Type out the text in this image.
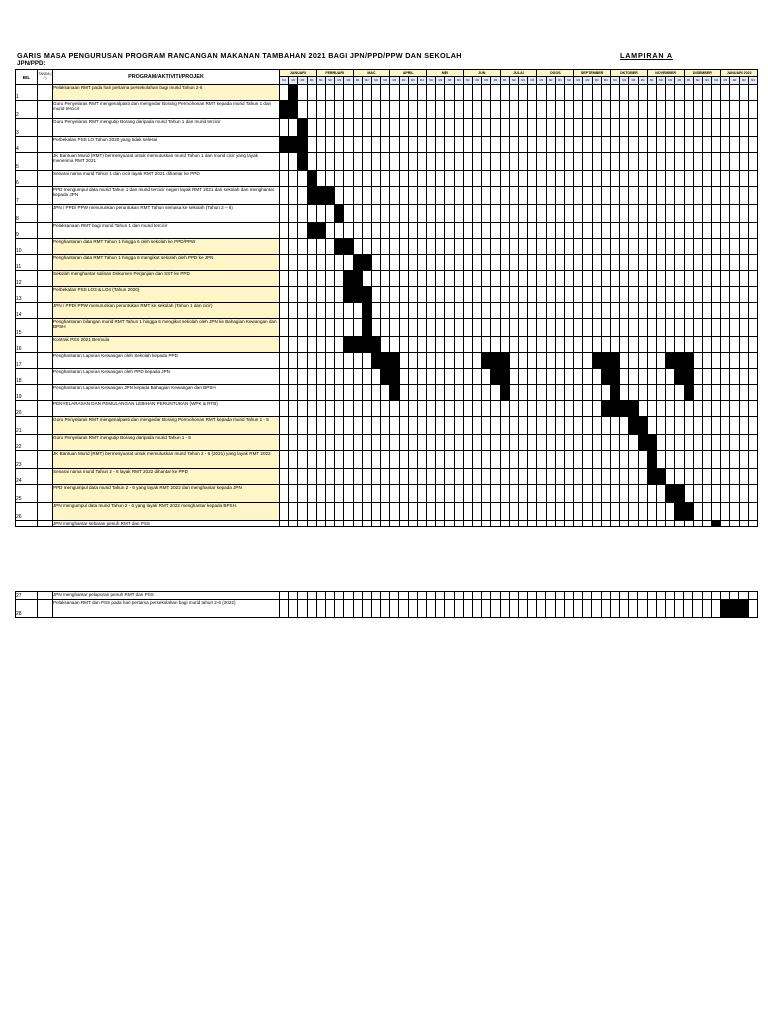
GARIS MASA PENGURUSAN PROGRAM RANCANGAN MAKANAN TAMBAHAN 2021 BAGI JPN/PPD/PPW DAN SEKOLAH
JPN/PPD:
LAMPIRAN A
BIL	TANDA ( / )	PROGRAM/AKTIVITI/PROJEK	JANUARI				FEBRUARI				MAC				APRIL				MEI				JUN				JULAI				OGOS				SEPTEMBER				OKTOBER				NOVEMBER				DISEMBER				JANUARI 2022			
			M1	M2	M3	M4	M1	M2	M3	M4	M1	M2	M3	M4	M1	M2	M3	M4	M1	M2	M3	M4	M1	M2	M3	M4	M1	M2	M3	M4	M1	M2	M3	M4	M1	M2	M3	M4	M1	M2	M3	M4	M1	M2	M3	M4	M1	M2	M3	M4	M1	M2	M3	M4
1		Pelaksanaan RMT pada hari pertama persekolahan bagi murid Tahun 2-6																																																				
2		Guru Penyelaras RMT mengenalpasti dan mengedar Borang Permohonan RMT kepada murid Tahun 1 dan murid tercicir																																																				
3		Guru Penyelaras RMT mengutip Borang daripada murid Tahun 1 dan murid tercicir																																																				
4		Perbekalan PSS LO Tahun 2020 yang tidak selesai																																																				
5		JK Bantuan Murid (RMT) bermesyuarat untuk memutuskan murid Tahun 1 dan murid cicir yang layak menerima RMT 2021																																																				
6		Senarai nama murid Tahun 1 dan cicir layak RMT 2021 dihantar ke PPD																																																				
7		PPD mengumpul data murid Tahun 1 dan murid tercicir negeri layak RMT 2021 dari sekolah dan menghantar kepada JPN																																																				
8		JPN / PPD/ PPW menurunkan peruntukan RMT Tahun semasa ke sekolah (Tahun 2 – 6)																																																				
9		Pelaksanaan RMT bagi murid Tahun 1 dan murid tercicir																																																				
10		Penghantaran data RMT Tahun 1 hingga 6 oleh sekolah ke PPD/PPW																																																				
11		Penghantaran data RMT Tahun 1 hingga 6 mengikut sekolah oleh PPD ke JPN																																																				
12		Sekolah menghantar salinan Dokumen Perjanjian dan SST ke PPD																																																				
13		Perbekalan PSS LO3 & LO4 (Tahun 2020)																																																				
14		JPN / PPD/ PPW menurunkan peruntukan RMT ke sekolah (Tahun 1 dan cicir)																																																				
15		Penghantaran bilangan murid RMT Tahun 1 hingga 6 mengikut sekolah oleh JPN ke Bahagian Kewangan dan BPSH																																																				
16		Kontrak PSS 2021 Bermula																																																				
17		Penghantaran Laporan Kewangan oleh Sekolah kepada PPD																																																				
18		Penghantaran Laporan Kewangan oleh PPD kepada JPN																																																				
19		Penghantaran Laporan Kewangan JPN kepada Bahagian Kewangan dan BPSH																																																				
20		PENYELARASAN DAN PEMULANGAN LEBIHAN PERUNTUKAN (WPK & RTB)																																																				
21		Guru Penyelaras RMT mengenalpasti dan mengedar Borang Permohonan RMT kepada murid Tahun 1 - 5																																																				
22		Guru Penyelaras RMT mengutip Borang daripada murid Tahun 1 - 5																																																				
23		JK Bantuan Murid (RMT) bermesyuarat untuk memutuskan murid Tahun 2 - 6 (2021) yang layak RMT 2022																																																				
24		Senarai nama murid Tahun 2 - 6 layak RMT 2022 dihantar ke PPD																																																				
25		PPD mengumpul data murid Tahun 2 - 6 yang layak RMT 2022 dan menghantar kepada JPN																																																				
26		JPN mengumpul data murid Tahun 2 - 6 yang layak RMT 2022 menghantar kepada BPSH.																																																				
		JPN menghantar sebaran penuh RMT dan PSS																																																				
27		JPN menghantar pelaporan penuh RMT dan PSS																																																				
28		Pelaksanaan RMT dan PSS pada hari pertama persekolahan bagi murid tahun 2-6 (2022)																																																				
